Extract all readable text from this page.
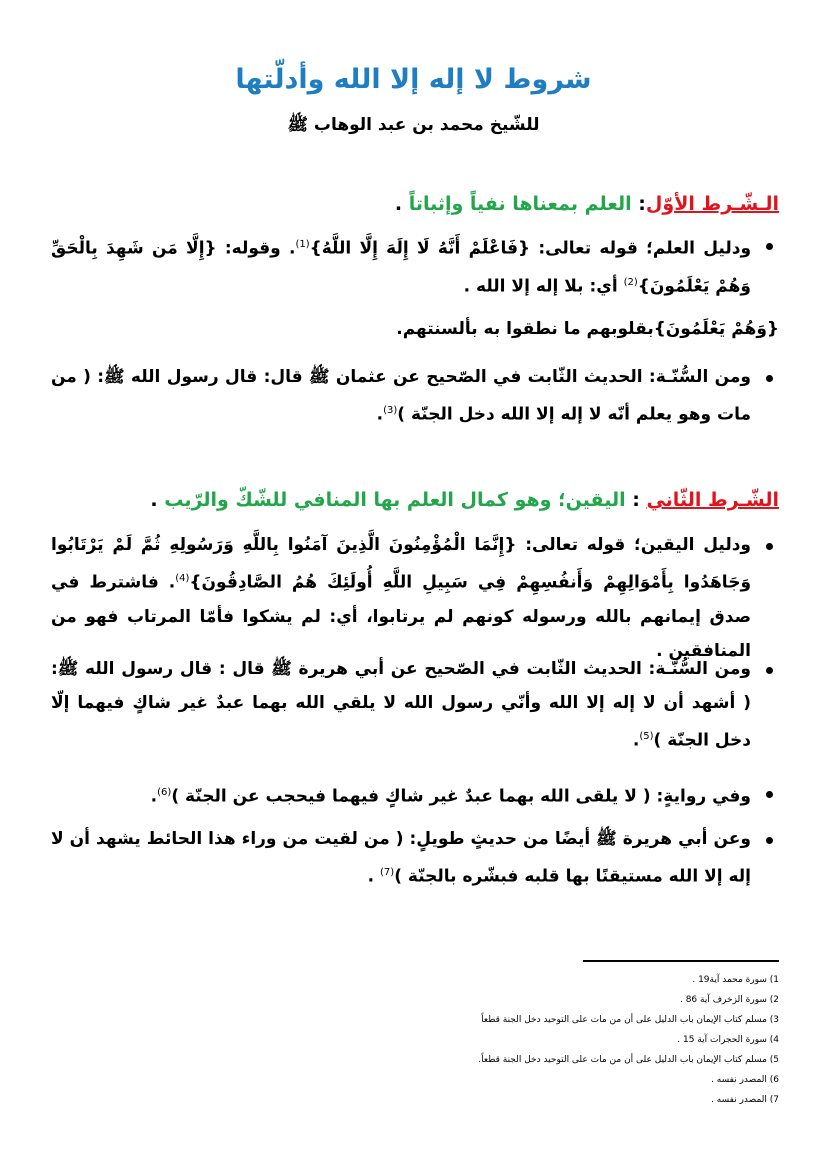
شروط لا إله إلا الله وأدلّتها
للشّيخ محمد بن عبد الوهاب ﷺ
الـشّـرط الأوّل: العلم بمعناها نفياً وإثباتاً .
ودليل العلم؛ قوله تعالى: {فَاعْلَمْ أَنَّهُ لَا إِلَهَ إِلَّا اللَّهُ}$^{(1)}$. وقوله: {إِلَّا مَن شَهِدَ بِالْحَقِّ وَهُمْ يَعْلَمُونَ}$^{(2)}$ أي: بلا إله إلا الله .
{وَهُمْ يَعْلَمُونَ}بقلوبهم ما نطقوا به بألسنتهم.
ومن السُّنّـة: الحديث الثّابت في الصّحيح عن عثمان ﷺ قال: قال رسول الله ﷺ: ( من مات وهو يعلم أنّه لا إله إلا الله دخل الجنّة )$^{(3)}$.
الشّـرط الثّاني : اليقين؛ وهو كمال العلم بها المنافي للشّكّ والرّيب .
ودليل اليقين؛ قوله تعالى: {إِنَّمَا الْمُؤْمِنُونَ الَّذِينَ آمَنُوا بِاللَّهِ وَرَسُولِهِ ثُمَّ لَمْ يَرْتَابُوا وَجَاهَدُوا بِأَمْوَالِهِمْ وَأَنفُسِهِمْ فِي سَبِيلِ اللَّهِ أُولَئِكَ هُمُ الصَّادِقُونَ}$^{(4)}$. فاشترط في صدق إيمانهم بالله ورسوله كونهم لم يرتابوا، أي: لم يشكوا فأمّا المرتاب فهو من المنافقين .
ومن السُّنّـة: الحديث الثّابت في الصّحيح عن أبي هريرة ﷺ قال : قال رسول الله ﷺ: ( أشهد أن لا إله إلا الله وأنّي رسول الله لا يلقي الله بهما عبدٌ غير شاكٍ فيهما إلّا دخل الجنّة )$^{(5)}$.
وفي روايةٍ: ( لا يلقى الله بهما عبدٌ غير شاكٍ فيهما فيحجب عن الجنّة )$^{(6)}$.
وعن أبي هريرة ﷺ أيضًا من حديثٍ طويلٍ: ( من لقيت من وراء هذا الحائط يشهد أن لا إله إلا الله مستيقنًا بها قلبه فبشّره بالجنّة )$^{(7)}$ .
1) سورة محمد آية19 .
2) سورة الزخرف آية 86 .
3) مسلم كتاب الإيمان باب الدليل على أن من مات على التوحيد دخل الجنة قطعاً
4) سورة الحجرات آية 15 .
5) مسلم كتاب الإيمان باب الدليل على أن من مات على التوحيد دخل الجنة قطعاً.
6) المصدر نفسه .
7) المصدر نفسه .
